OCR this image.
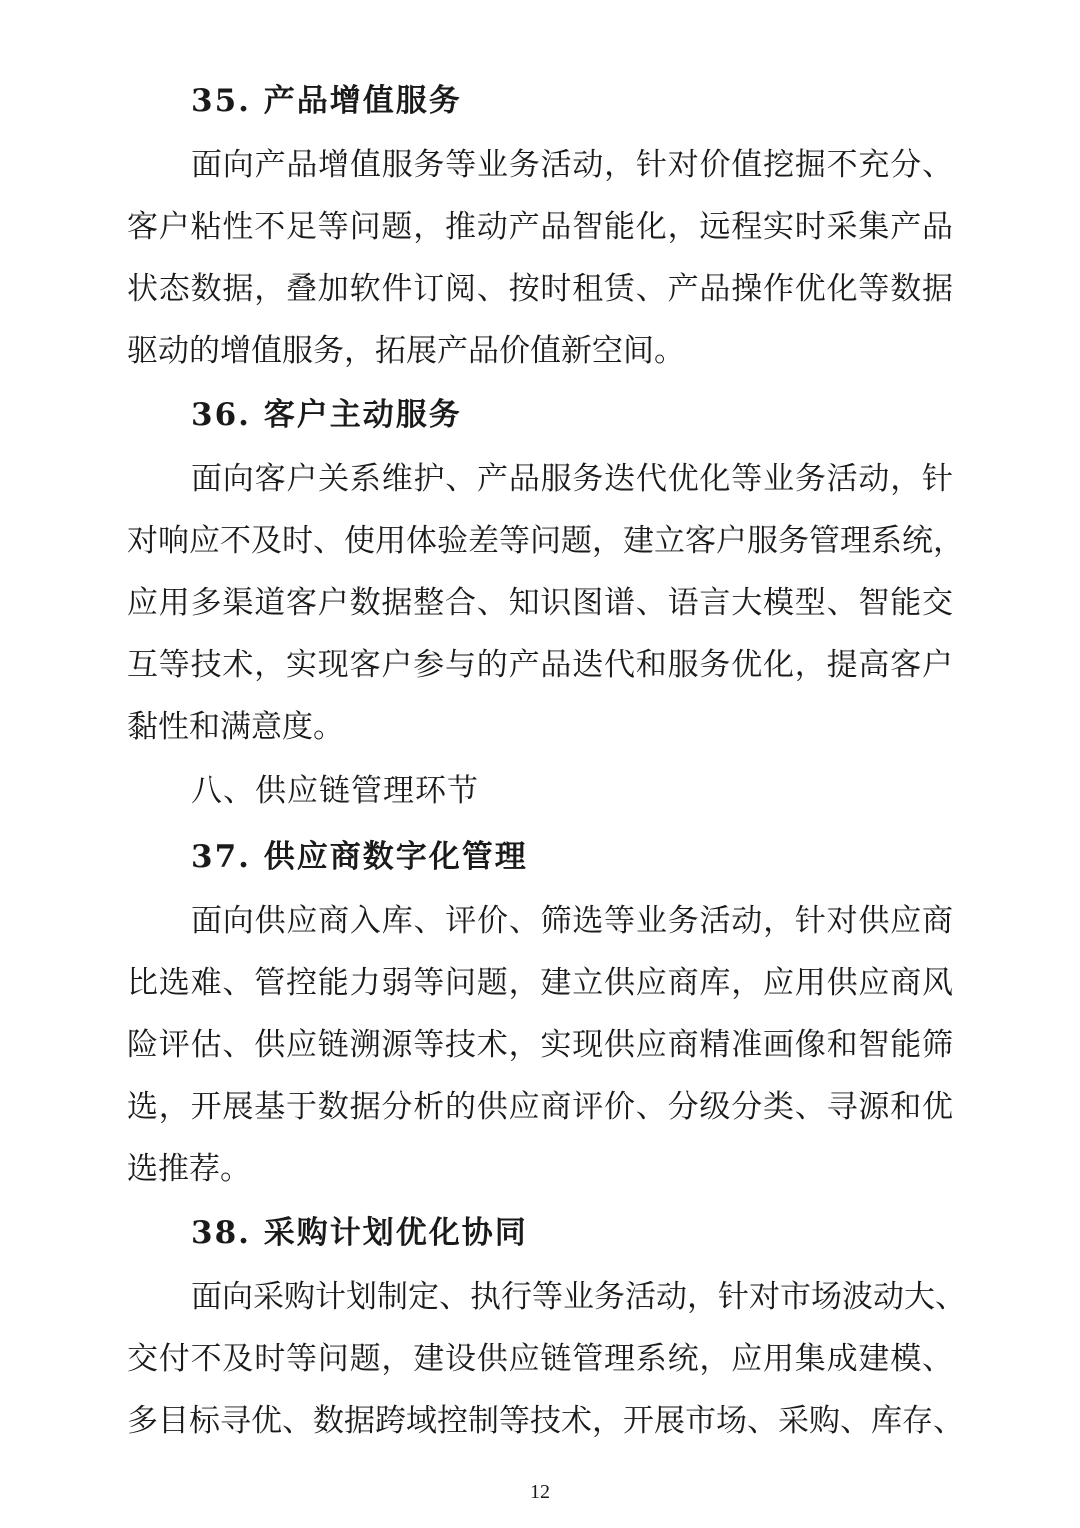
35. 产品增值服务

面向产品增值服务等业务活动，针对价值挖掘不充分、
客户粘性不足等问题，推动产品智能化，远程实时采集产品
状态数据，叠加软件订阅、按时租赁、产品操作优化等数据
驱动的增值服务，拓展产品价值新空间。

36. 客户主动服务

面向客户关系维护、产品服务迭代优化等业务活动，针
对响应不及时、使用体验差等问题，建立客户服务管理系统，
应用多渠道客户数据整合、知识图谱、语言大模型、智能交
互等技术，实现客户参与的产品迭代和服务优化，提高客户
黏性和满意度。

八、供应链管理环节
37. 供应商数字化管理

面向供应商入库、评价、筛选等业务活动，针对供应商
比选难、管控能力弱等问题，建立供应商库，应用供应商风
险评估、供应链溯源等技术，实现供应商精准画像和智能筛
选，开展基于数据分析的供应商评价、分级分类、寻源和优
选推荐。

38. 采购计划优化协同

面向采购计划制定、执行等业务活动，针对市场波动大、
交付不及时等问题，建设供应链管理系统，应用集成建模、
多目标寻优、数据跨域控制等技术，开展市场、采购、库存、

12
